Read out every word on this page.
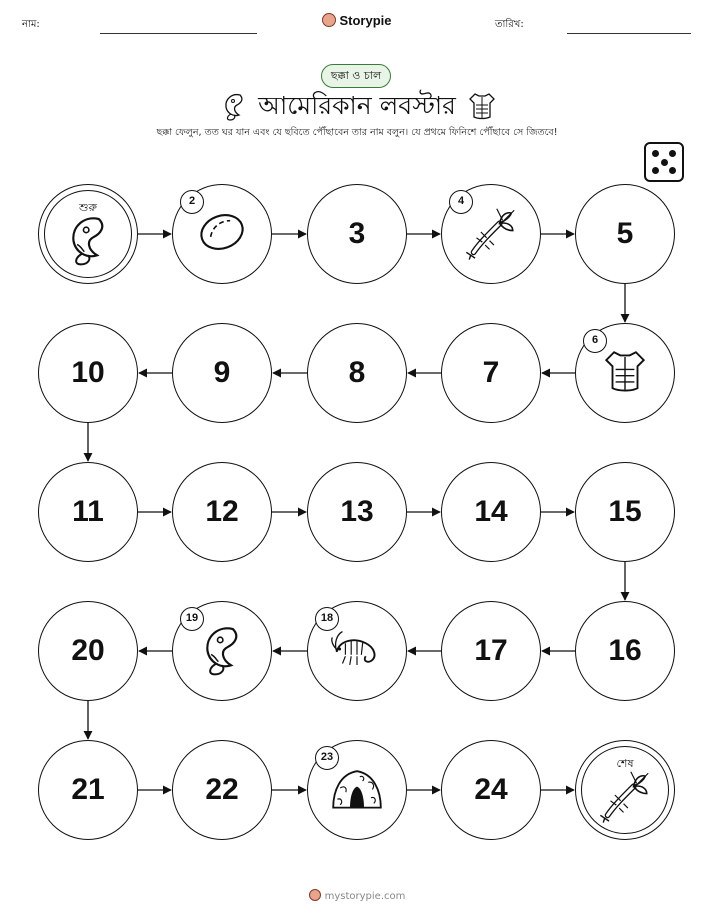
নাম:	Storypie	তারিখ:
ছক্কা ও চাল
আমেরিকান লবস্টার
ছক্কা ফেলুন, তত ঘর যান এবং যে ছবিতে পৌঁছাবেন তার নাম বলুন। যে প্রথমে ফিনিশে পৌঁছাবে সে জিতবে!
শুরু	2
3
4
5
6
7
8
9
10
11	12	13	14	15
16
17
18
19
20
21	22
23
24
শেষ
mystorypie.com
